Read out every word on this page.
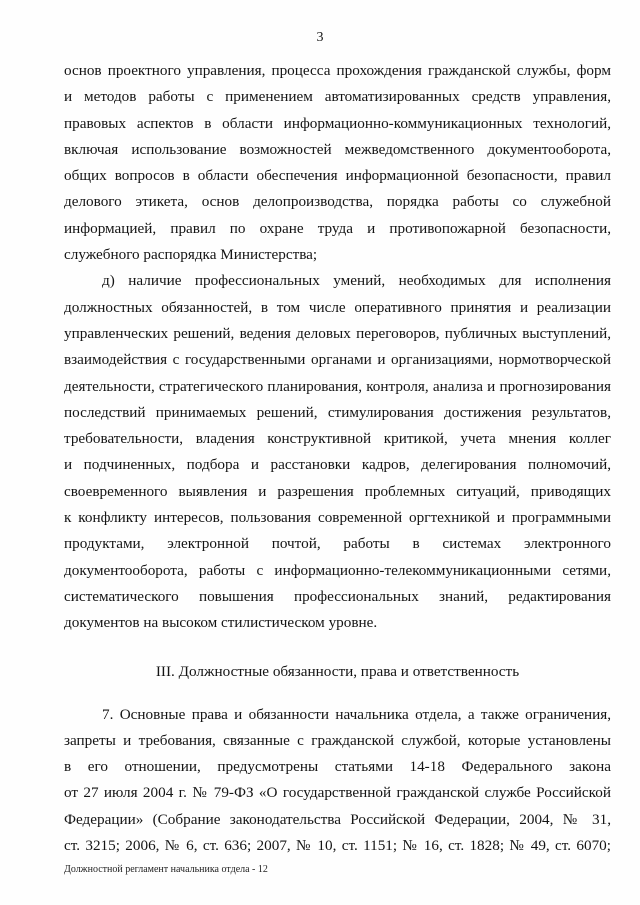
3
основ проектного управления, процесса прохождения гражданской службы, форм
и методов работы с применением автоматизированных средств управления,
правовых аспектов в области информационно-коммуникационных технологий,
включая использование возможностей межведомственного документооборота,
общих вопросов в области обеспечения информационной безопасности, правил
делового этикета, основ делопроизводства, порядка работы со служебной
информацией, правил по охране труда и противопожарной безопасности,
служебного распорядка Министерства;
д) наличие профессиональных умений, необходимых для исполнения
должностных обязанностей, в том числе оперативного принятия и реализации
управленческих решений, ведения деловых переговоров, публичных выступлений,
взаимодействия с государственными органами и организациями, нормотворческой
деятельности, стратегического планирования, контроля, анализа и прогнозирования
последствий принимаемых решений, стимулирования достижения результатов,
требовательности, владения конструктивной критикой, учета мнения коллег
и подчиненных, подбора и расстановки кадров, делегирования полномочий,
своевременного выявления и разрешения проблемных ситуаций, приводящих
к конфликту интересов, пользования современной оргтехникой и программными
продуктами, электронной почтой, работы в системах электронного
документооборота, работы с информационно-телекоммуникационными сетями,
систематического повышения профессиональных знаний, редактирования
документов на высоком стилистическом уровне.
III. Должностные обязанности, права и ответственность
7. Основные права и обязанности начальника отдела, а также ограничения,
запреты и требования, связанные с гражданской службой, которые установлены
в его отношении, предусмотрены статьями 14-18 Федерального закона
от 27 июля 2004 г. № 79-ФЗ «О государственной гражданской службе Российской
Федерации» (Собрание законодательства Российской Федерации, 2004, № 31,
ст. 3215; 2006, № 6, ст. 636; 2007, № 10, ст. 1151; № 16, ст. 1828; № 49, ст. 6070;
Должностной регламент начальника отдела - 12
